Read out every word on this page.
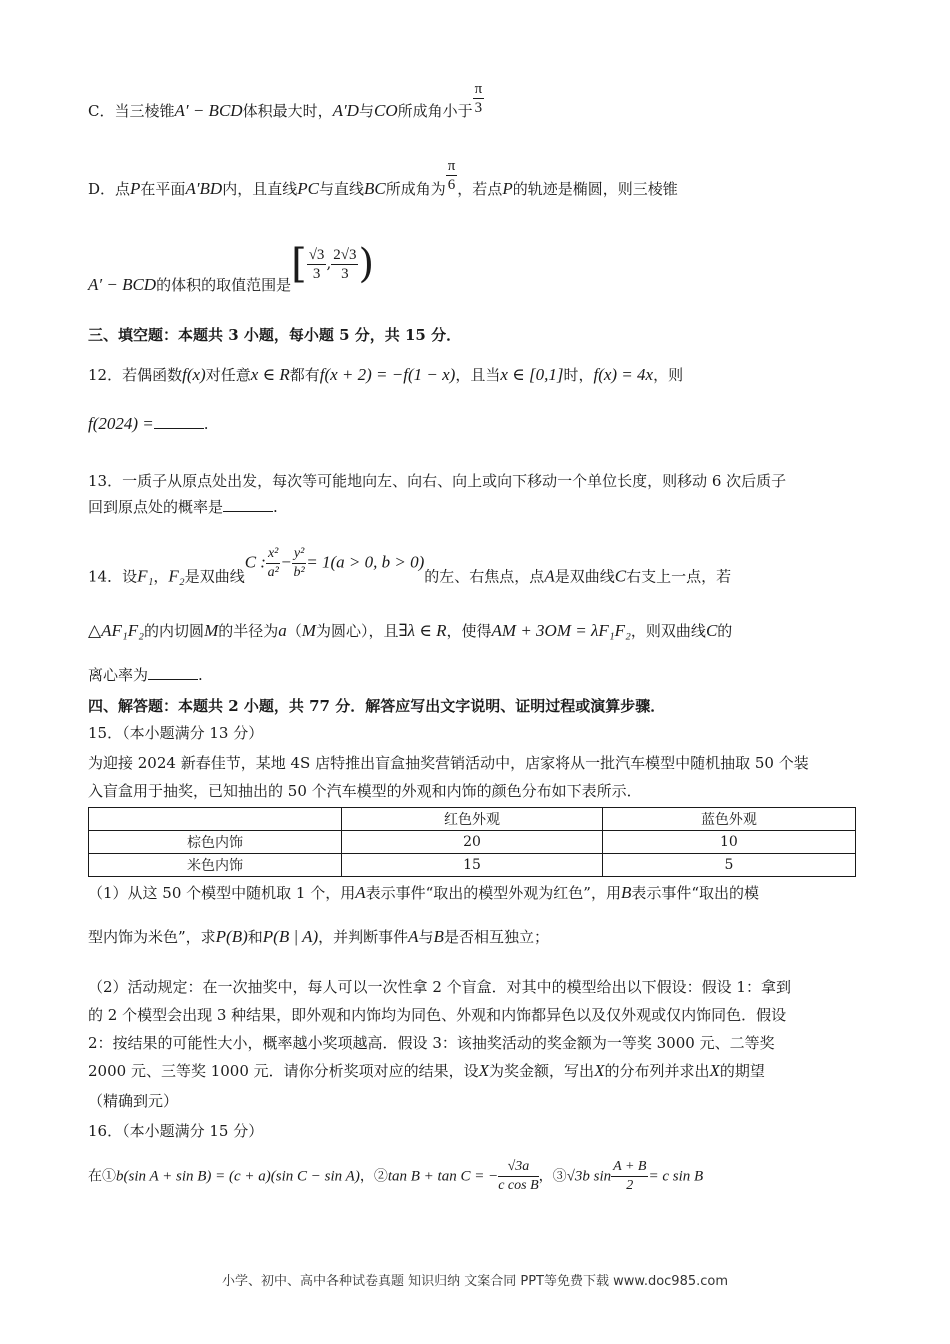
C．当三棱锥A′ − BCD体积最大时，A′D与CO所成角小于 $\frac{\pi}{3}$
D．点P在平面A′BD内，且直线PC与直线BC所成角为 $\frac{\pi}{6}$ ，若点P的轨迹是椭圆，则三棱锥
A′ − BCD的体积的取值范围是[ $\frac{√3}{3}$ , $\frac{2√3}{3}$ )
三、填空题：本题共 3 小题，每小题 5 分，共 15 分．
12．若偶函数f(x)对任意x ∈ R都有f(x + 2) = −f(1 − x)，且当x ∈ [0,1]时，f(x) = 4x，则
f(2024) =	.
13．一质子从原点处出发，每次等可能地向左、向右、向上或向下移动一个单位长度，则移动 6 次后质子
回到原点处的概率是	.
14．设F₁，F₂是双曲线C : $\frac{\text{x²}}{\text{a²}} - \frac{\text{y²}}{\text{b²}} = 1(a > 0$, b > 0)的左、右焦点，点A是双曲线C右支上一点，若
△AF₁F₂的内切圆M的半径为a（M为圆心），且∃λ ∈ R，使得AM + 3OM = λF₁F₂，则双曲线C的
离心率为	.
四、解答题：本题共 2 小题，共 77 分．解答应写出文字说明、证明过程或演算步骤．
15．（本小题满分 13 分）
为迎接 2024 新春佳节，某地 4S 店特推出盲盒抽奖营销活动中，店家将从一批汽车模型中随机抽取 50 个装
入盲盒用于抽奖，已知抽出的 50 个汽车模型的外观和内饰的颜色分布如下表所示．
	红色外观	蓝色外观
棕色内饰	20	10
米色内饰	15	5
（1）从这 50 个模型中随机取 1 个，用A表示事件“取出的模型外观为红色”，用B表示事件“取出的模
型内饰为米色”，求P(B)和P(B | A)，并判断事件A与B是否相互独立；
（2）活动规定：在一次抽奖中，每人可以一次性拿 2 个盲盒．对其中的模型给出以下假设：假设 1：拿到
的 2 个模型会出现 3 种结果，即外观和内饰均为同色、外观和内饰都异色以及仅外观或仅内饰同色．假设
2：按结果的可能性大小，概率越小奖项越高．假设 3：该抽奖活动的奖金额为一等奖 3000 元、二等奖
2000 元、三等奖 1000 元．请你分析奖项对应的结果，设X为奖金额，写出X的分布列并求出X的期望
（精确到元）
16．（本小题满分 15 分）
在①b(sin A + sin B) = (c + a)(sin C − sin A)，②tan B + tan C = − $\frac{√3a}{\text{c cos B}}$ ，③√3b $\sin \frac{A + B}{2} = c$ sin B
小学、初中、高中各种试卷真题 知识归纳 文案合同 PPT等免费下载 www.doc985.com
